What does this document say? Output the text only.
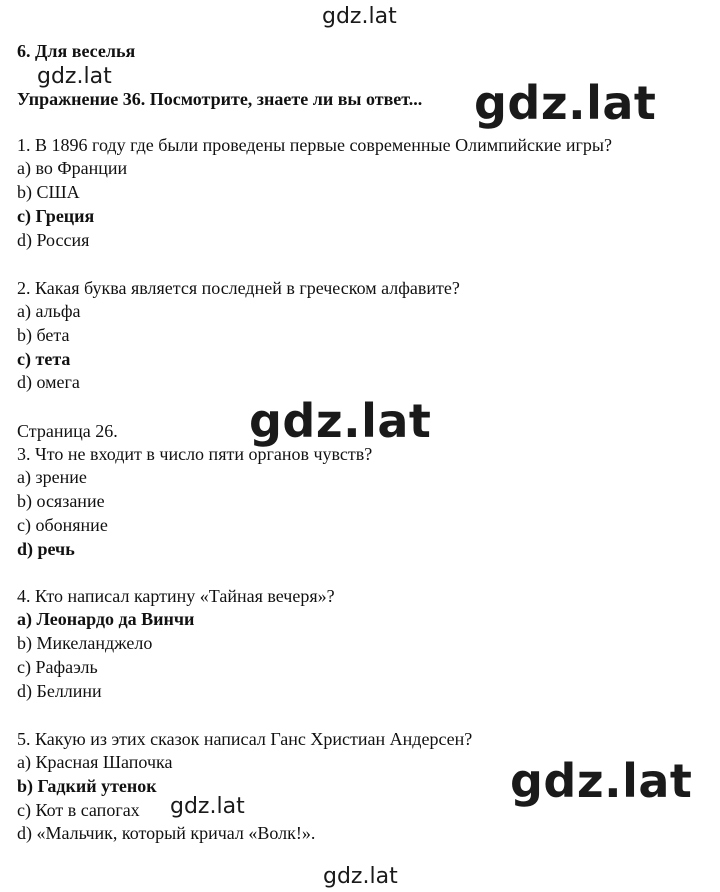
gdz.lat
gdz.lat
gdz.lat
gdz.lat
6. Для веселья
Упражнение 36. Посмотрите, знаете ли вы ответ... gdz.lat
1. В 1896 году где были проведены первые современные Олимпийские игры?
a) во Франции
b) США
c) Греция
d) Россия
2. Какая буква является последней в греческом алфавите?
a) альфа
b) бета
c) тета
d) омега
Страница 26.	gdz.lat
3. Что не входит в число пяти органов чувств?
a) зрение
b) осязание
c) обоняние
d) речь
4. Кто написал картину «Тайная вечеря»?
a) Леонардо да Винчи
b) Микеланджело
c) Рафаэль
d) Беллини
5. Какую из этих сказок написал Ганс Христиан Андерсен?
a) Красная Шапочка
b) Гадкий утенок
c) Кот в сапогах
d) «Мальчик, который кричал «Волк!».
gdz.lat
